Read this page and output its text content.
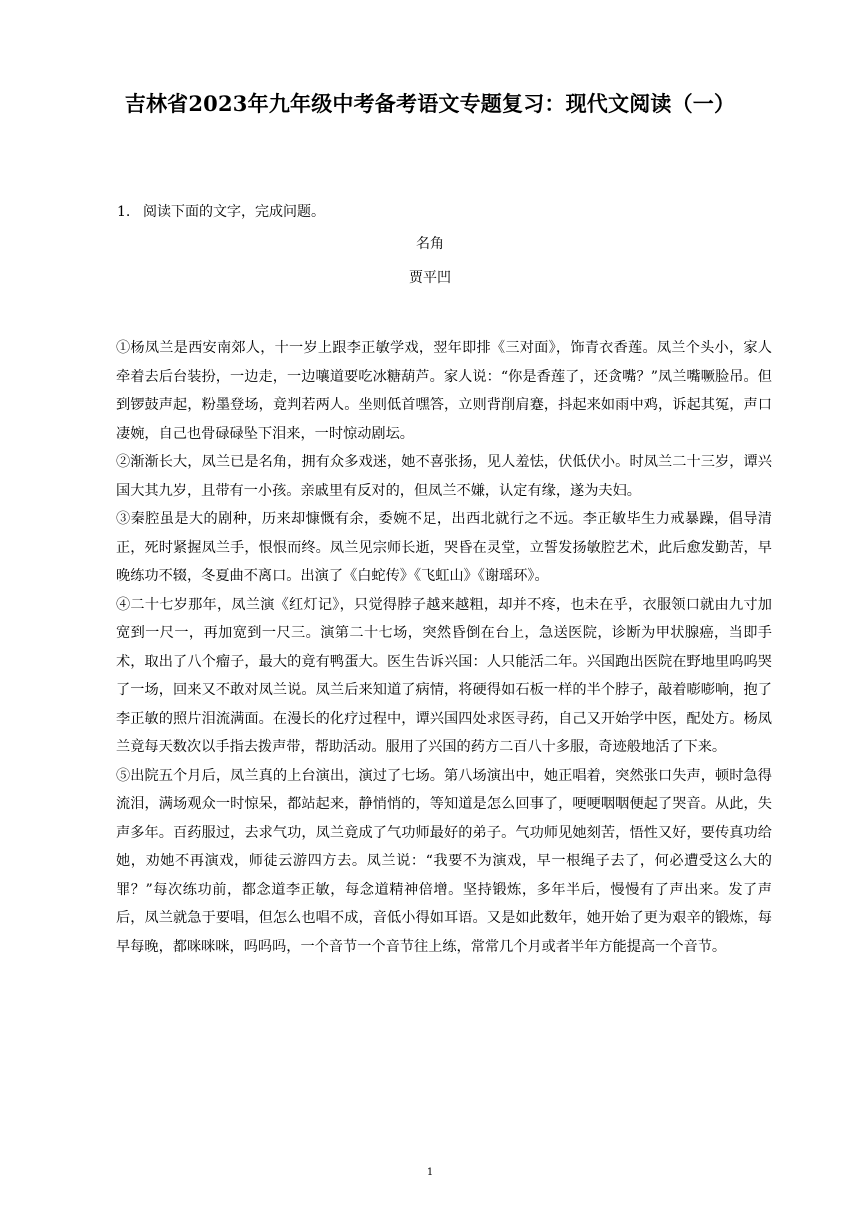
吉林省2023年九年级中考备考语文专题复习：现代文阅读（一）
1. 阅读下面的文字，完成问题。
名角
贾平凹

①杨凤兰是西安南郊人，十一岁上跟李正敏学戏，翌年即排《三对面》，饰青衣香莲。凤兰个头小，家人牵着去后台装扮，一边走，一边嚷道要吃冰糖葫芦。家人说：“你是香莲了，还贪嘴？”凤兰嘴噘脸吊。但到锣鼓声起，粉墨登场，竟判若两人。坐则低首嘿答，立则背削肩蹇，抖起来如雨中鸡，诉起其冤，声口凄婉，自己也骨碌碌坠下泪来，一时惊动剧坛。

②渐渐长大，凤兰已是名角，拥有众多戏迷，她不喜张扬，见人羞怯，伏低伏小。时凤兰二十三岁，谭兴国大其九岁，且带有一小孩。亲戚里有反对的，但凤兰不嫌，认定有缘，遂为夫妇。

③秦腔虽是大的剧种，历来却慷慨有余，委婉不足，出西北就行之不远。李正敏毕生力戒暴躁，倡导清正，死时紧握凤兰手，恨恨而终。凤兰见宗师长逝，哭昏在灵堂，立誓发扬敏腔艺术，此后愈发勤苦，早晚练功不辍，冬夏曲不离口。出演了《白蛇传》《飞虹山》《谢瑶环》。

④二十七岁那年，凤兰演《红灯记》，只觉得脖子越来越粗，却并不疼，也未在乎，衣服领口就由九寸加宽到一尺一，再加宽到一尺三。演第二十七场，突然昏倒在台上，急送医院，诊断为甲状腺癌，当即手术，取出了八个瘤子，最大的竟有鸭蛋大。医生告诉兴国：人只能活二年。兴国跑出医院在野地里呜呜哭了一场，回来又不敢对凤兰说。凤兰后来知道了病情，将硬得如石板一样的半个脖子，敲着嘭嘭响，抱了李正敏的照片泪流满面。在漫长的化疗过程中，谭兴国四处求医寻药，自己又开始学中医，配处方。杨凤兰竟每天数次以手指去拨声带，帮助活动。服用了兴国的药方二百八十多服，奇迹般地活了下来。

⑤出院五个月后，凤兰真的上台演出，演过了七场。第八场演出中，她正唱着，突然张口失声，顿时急得流泪，满场观众一时惊呆，都站起来，静悄悄的，等知道是怎么回事了，哽哽咽咽便起了哭音。从此，失声多年。百药服过，去求气功，凤兰竟成了气功师最好的弟子。气功师见她刻苦，悟性又好，要传真功给她，劝她不再演戏，师徒云游四方去。凤兰说：“我要不为演戏，早一根绳子去了，何必遭受这么大的罪？”每次练功前，都念道李正敏，每念道精神倍增。坚持锻炼，多年半后，慢慢有了声出来。发了声后，凤兰就急于要唱，但怎么也唱不成，音低小得如耳语。又是如此数年，她开始了更为艰辛的锻炼，每早每晚，都咪咪咪，吗吗吗，一个音节一个音节往上练，常常几个月或者半年方能提高一个音节。

1
